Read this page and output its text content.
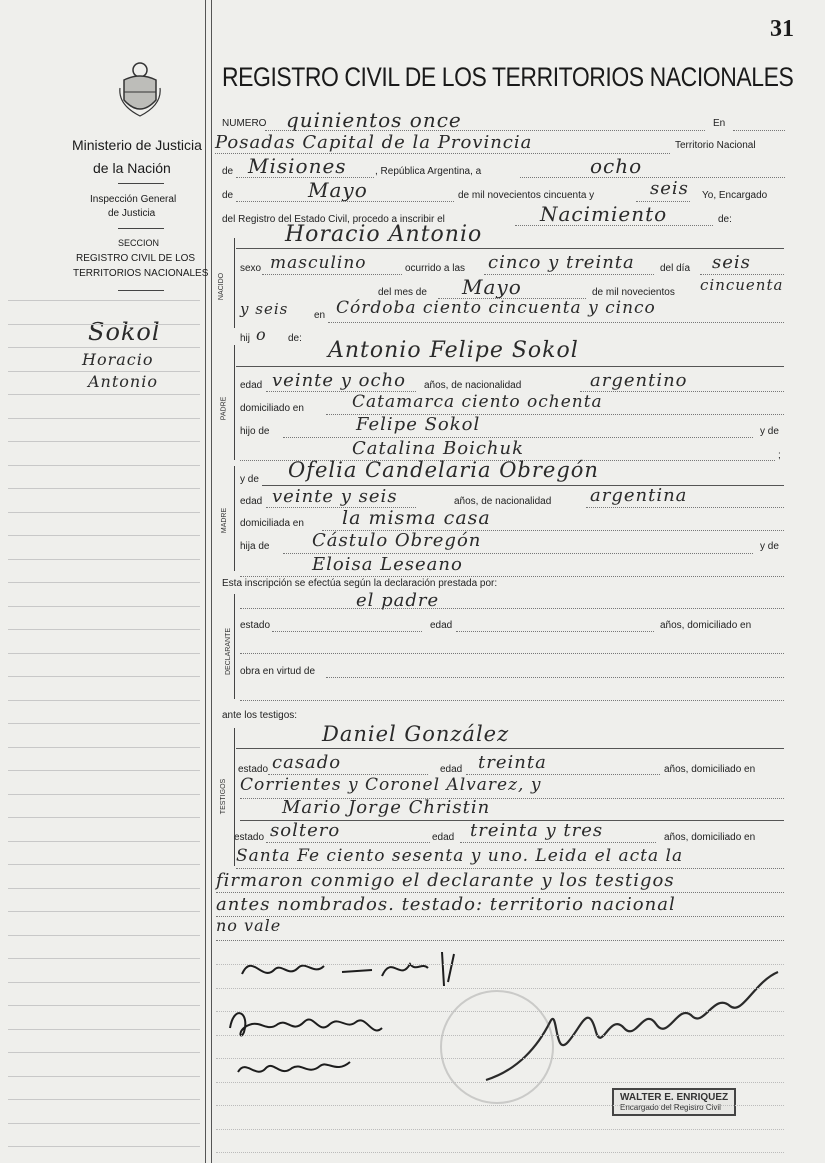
Ministerio de Justicia
de la Nación
Inspección General
de Justicia
SECCION
REGISTRO CIVIL DE LOS
TERRITORIOS NACIONALES
Sokol
Horacio
Antonio
31
REGISTRO CIVIL DE LOS TERRITORIOS NACIONALES
NUMERO quinientos once	En
Posadas Capital de la Provincia	Territorio Nacional
de Misiones	, República Argentina, a	ocho
de	Mayo	de mil novecientos cincuenta y	seis Yo, Encargado
del Registro del Estado Civil, procedo a inscribir el	Nacimiento	de:
NACIDO
Horacio Antonio
sexo masculino	ocurrido a las cinco y treinta	del día seis
del mes de Mayo	de mil novecientos cincuenta
y seis	en Córdoba ciento cincuenta y cinco
hij o de:
PADRE
Antonio Felipe Sokol
edad veinte y ocho años, de nacionalidad	argentino
domiciliado en	Catamarca ciento ochenta
hijo de	Felipe Sokol	y de
Catalina Boichuk	;
MADRE
y de Ofelia Candelaria Obregón
edad veinte y seis	años, de nacionalidad argentina
domiciliada en la misma casa
hija de Cástulo Obregón	y de
Eloisa Leseano
Esta inscripción se efectúa según la declaración prestada por:
DECLARANTE
el padre
estado	edad	años, domiciliado en
obra en virtud de
ante los testigos:
TESTIGOS
Daniel González
estado casado	edad treinta	años, domiciliado en
Corrientes y Coronel Alvarez, y
Mario Jorge Christin
estado soltero	edad treinta y tres	años, domiciliado en
Santa Fe ciento sesenta y uno. Leida el acta la
firmaron conmigo el declarante y los testigos
antes nombrados. testado: territorio nacional
no vale
WALTER E. ENRIQUEZ
Encargado del Registro Civil
